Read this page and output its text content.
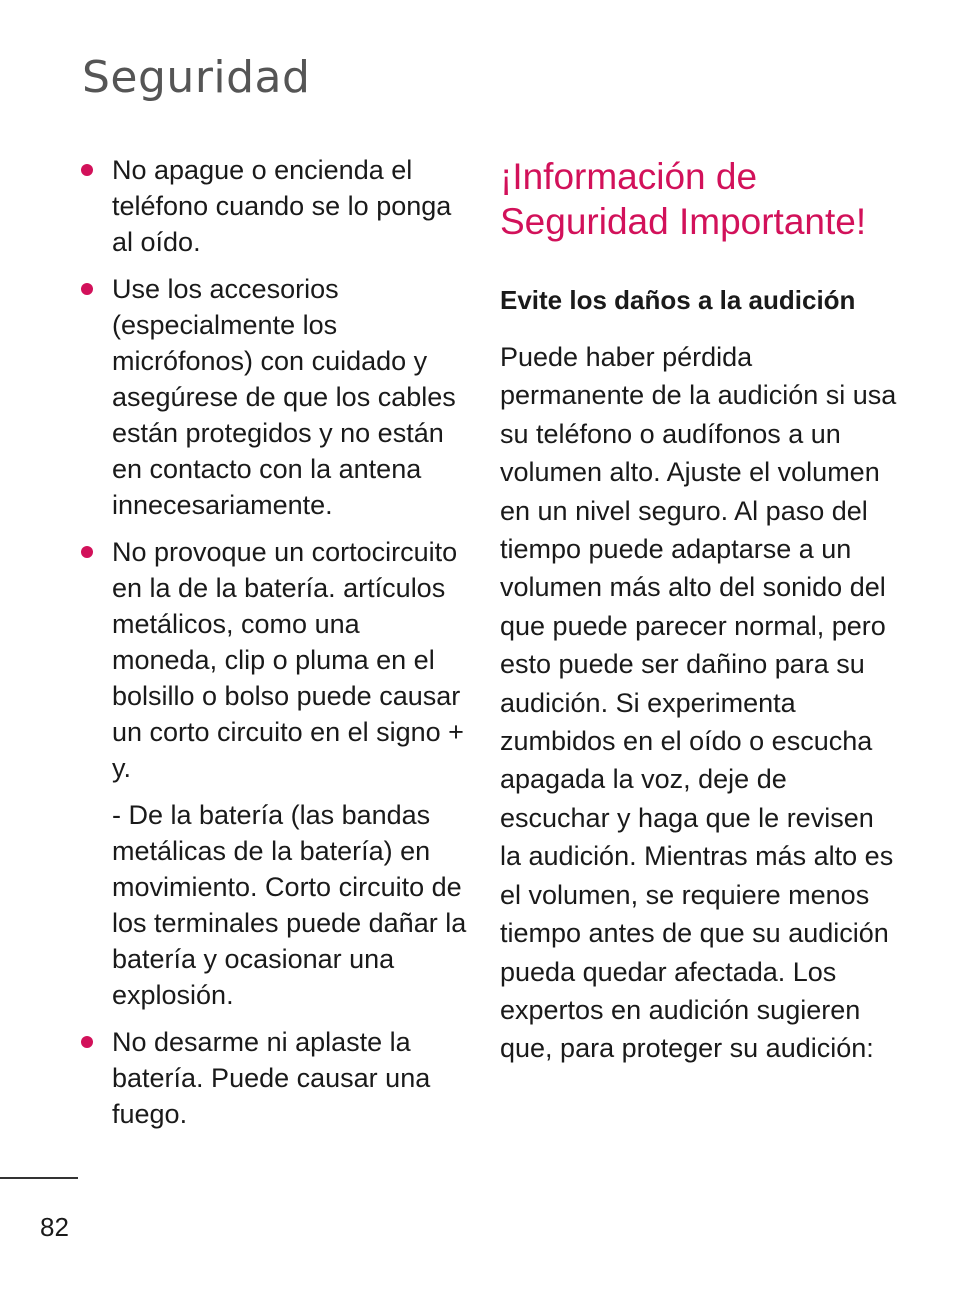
Seguridad
No apague o encienda el teléfono cuando se lo ponga al oído.
Use los accesorios (especialmente los micrófonos) con cuidado y asegúrese de que los cables están protegidos y no están en contacto con la antena innecesariamente.
No provoque un cortocircuito en la de la batería. artículos metálicos, como una moneda, clip o pluma en el bolsillo o bolso puede causar un corto circuito en el signo + y.
- De la batería (las bandas metálicas de la batería) en movimiento. Corto circuito de los terminales puede dañar la batería y ocasionar una explosión.
No desarme ni aplaste la batería. Puede causar una fuego.
¡Información de Seguridad Importante!
Evite los daños a la audición

Puede haber pérdida permanente de la audición si usa su teléfono o audífonos a un volumen alto. Ajuste el volumen en un nivel seguro. Al paso del tiempo puede adaptarse a un volumen más alto del sonido del que puede parecer normal, pero esto puede ser dañino para su audición. Si experimenta zumbidos en el oído o escucha apagada la voz, deje de escuchar y haga que le revisen la audición. Mientras más alto es el volumen, se requiere menos tiempo antes de que su audición pueda quedar afectada. Los expertos en audición sugieren que, para proteger su audición:

82
